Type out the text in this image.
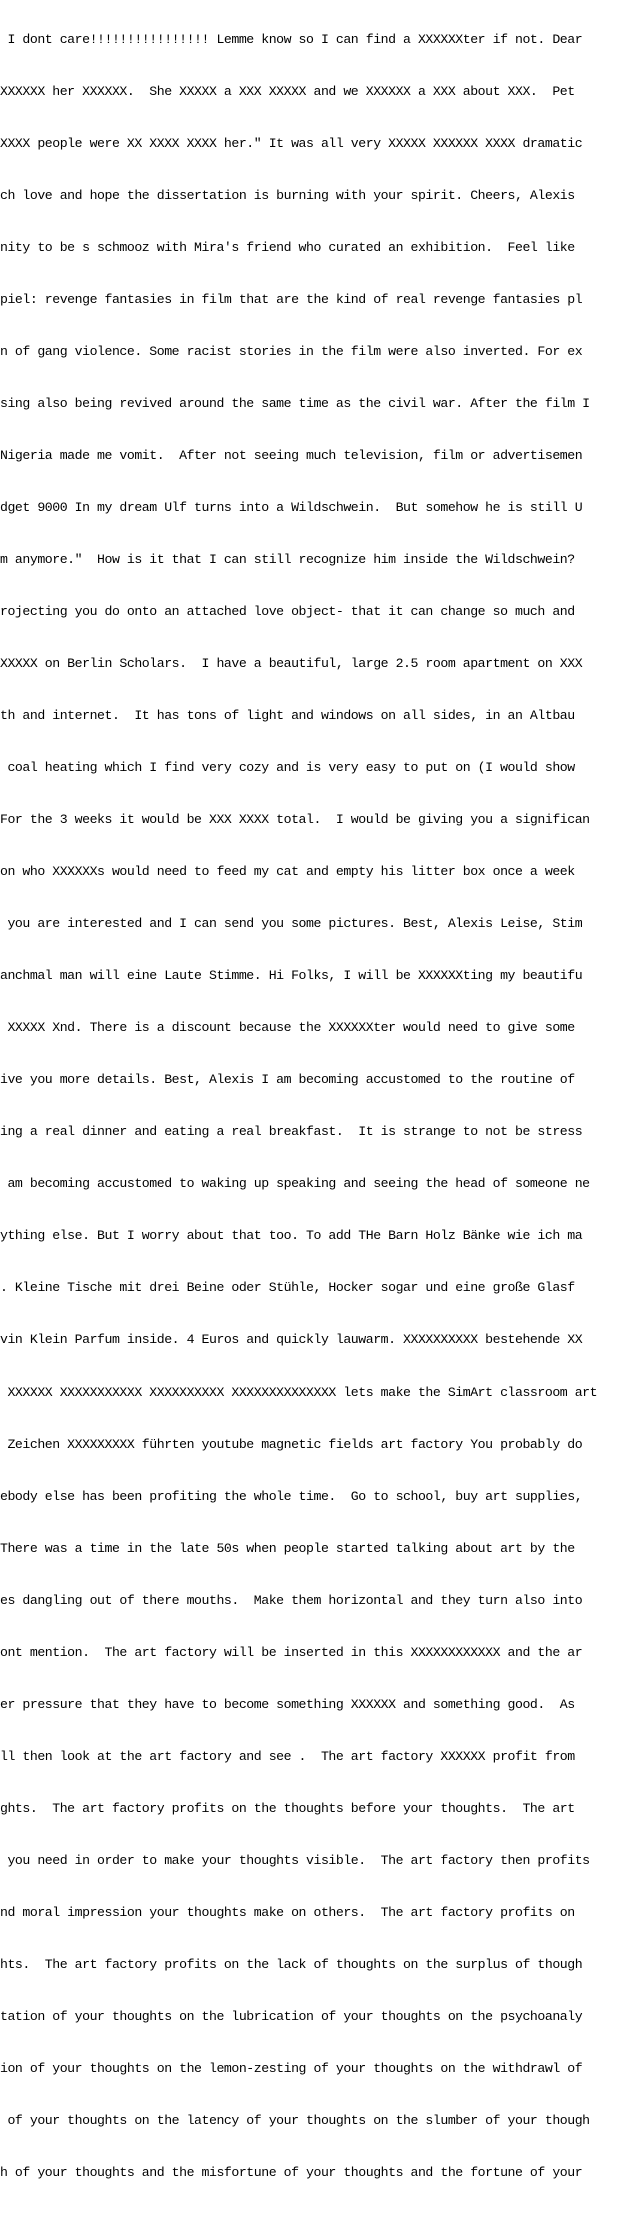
I dont care!!!!!!!!!!!!!!!! Lemme know so I can find a XXXXXXter if not. Dear

XXXXXX her XXXXXX.  She XXXXX a XXX XXXXX and we XXXXXX a XXX about XXX.  Pet

XXXX people were XX XXXX XXXX her." It was all very XXXXX XXXXXX XXXX dramatic

ch love and hope the dissertation is burning with your spirit. Cheers, Alexis

nity to be s schmooz with Mira's friend who curated an exhibition.  Feel like

piel: revenge fantasies in film that are the kind of real revenge fantasies pl

n of gang violence. Some racist stories in the film were also inverted. For ex

sing also being revived around the same time as the civil war. After the film I

Nigeria made me vomit.  After not seeing much television, film or advertisemen

dget 9000 In my dream Ulf turns into a Wildschwein.  But somehow he is still U

m anymore."  How is it that I can still recognize him inside the Wildschwein?

rojecting you do onto an attached love object- that it can change so much and

XXXXX on Berlin Scholars.  I have a beautiful, large 2.5 room apartment on XXX

th and internet.  It has tons of light and windows on all sides, in an Altbau

coal heating which I find very cozy and is very easy to put on (I would show

For the 3 weeks it would be XXX XXXX total.  I would be giving you a significan

on who XXXXXXs would need to feed my cat and empty his litter box once a week

you are interested and I can send you some pictures. Best, Alexis Leise, Stim

anchmal man will eine Laute Stimme. Hi Folks, I will be XXXXXXting my beautifu

XXXXX Xnd. There is a discount because the XXXXXXter would need to give some

ive you more details. Best, Alexis I am becoming accustomed to the routine of

ing a real dinner and eating a real breakfast.  It is strange to not be stress

am becoming accustomed to waking up speaking and seeing the head of someone ne

ything else. But I worry about that too. To add THe Barn Holz Bänke wie ich ma

. Kleine Tische mit drei Beine oder Stühle, Hocker sogar und eine große Glasf

vin Klein Parfum inside. 4 Euros and quickly lauwarm. XXXXXXXXXX bestehende XX

XXXXXX XXXXXXXXXXX XXXXXXXXXX XXXXXXXXXXXXXX lets make the SimArt classroom art

Zeichen XXXXXXXXX führten youtube magnetic fields art factory You probably do

ebody else has been profiting the whole time.  Go to school, buy art supplies,

There was a time in the late 50s when people started talking about art by the

es dangling out of there mouths.  Make them horizontal and they turn also into

ont mention.  The art factory will be inserted in this XXXXXXXXXXXX and the ar

er pressure that they have to become something XXXXXX and something good.  As

ll then look at the art factory and see .  The art factory XXXXXX profit from

ghts.  The art factory profits on the thoughts before your thoughts.  The art

you need in order to make your thoughts visible.  The art factory then profits

nd moral impression your thoughts make on others.  The art factory profits on

hts.  The art factory profits on the lack of thoughts on the surplus of though

tation of your thoughts on the lubrication of your thoughts on the psychoanaly

ion of your thoughts on the lemon-zesting of your thoughts on the withdrawl of

of your thoughts on the latency of your thoughts on the slumber of your though

h of your thoughts and the misfortune of your thoughts and the fortune of your
